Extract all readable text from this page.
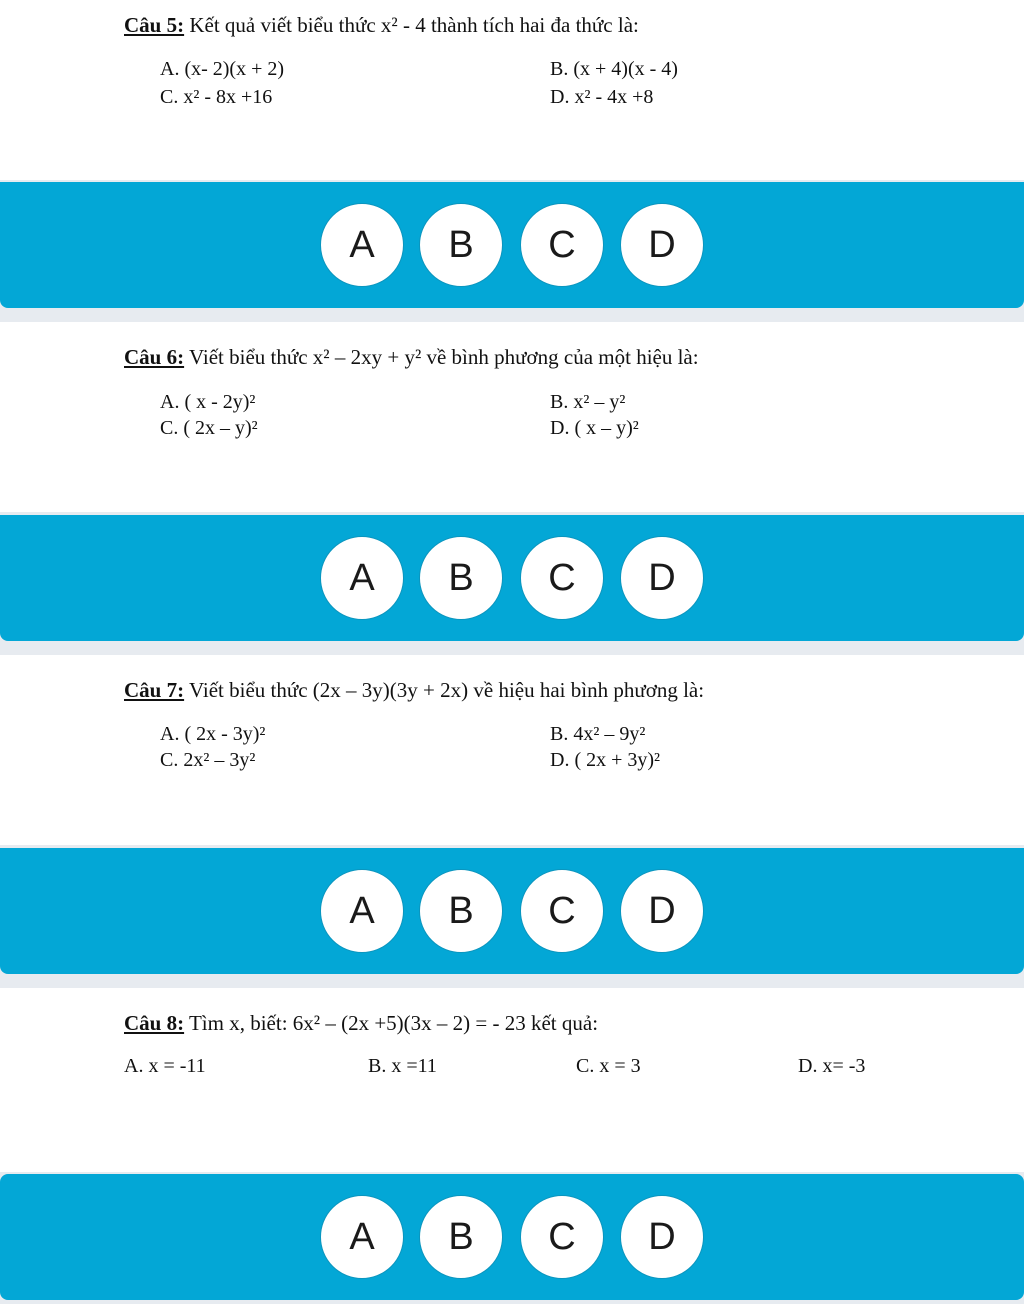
Câu 5: Kết quả viết biểu thức x² - 4 thành tích hai đa thức là:
A. (x- 2)(x + 2)	B. (x + 4)(x - 4)
C. x² - 8x +16	D. x² - 4x +8
A	B	C	D
Câu 6: Viết biểu thức x² – 2xy + y² về bình phương của một hiệu là:
A. ( x - 2y)²	B. x² – y²
C. ( 2x – y)²	D. ( x – y)²
A	B	C	D
Câu 7: Viết biểu thức (2x – 3y)(3y + 2x) về hiệu hai bình phương là:
A. ( 2x - 3y)²	B. 4x² – 9y²
C. 2x² – 3y²	D. ( 2x + 3y)²
A	B	C	D
Câu 8: Tìm x, biết: 6x² – (2x +5)(3x – 2) = - 23 kết quả:
A. x = -11	B. x =11	C. x = 3	D. x= -3
A	B	C	D
